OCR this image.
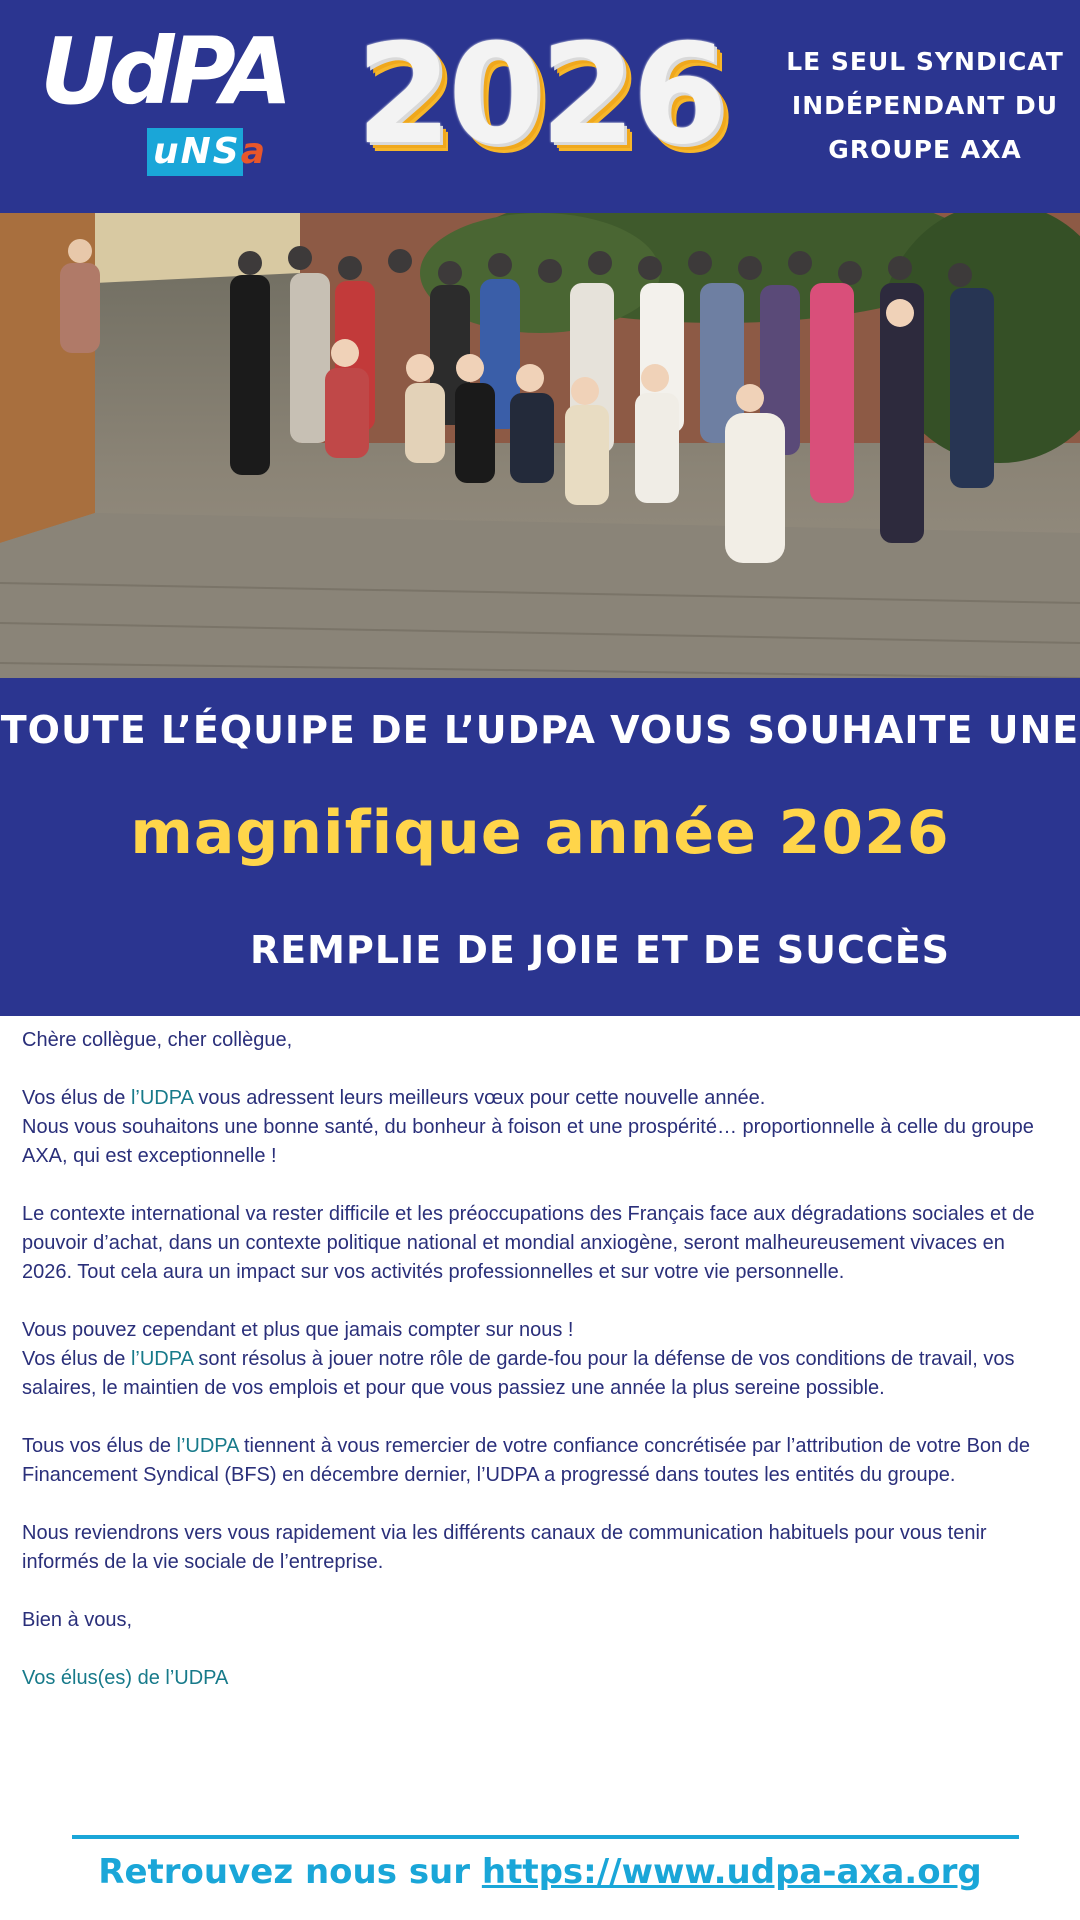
UdPA
uNSa 2026 LE SEUL SYNDICAT
INDÉPENDANT DU
GROUPE AXA
TOUTE L’ÉQUIPE DE L’UDPA VOUS SOUHAITE UNE
magnifique année 2026
REMPLIE DE JOIE ET DE SUCCÈS

Chère collègue, cher collègue,

Vos élus de l’UDPA vous adressent leurs meilleurs vœux pour cette nouvelle année.
Nous vous souhaitons une bonne santé, du bonheur à foison et une prospérité… proportionnelle à celle du groupe AXA, qui est exceptionnelle !

Le contexte international va rester difficile et les préoccupations des Français face aux dégradations sociales et de pouvoir d’achat, dans un contexte politique national et mondial anxiogène, seront malheureusement vivaces en 2026. Tout cela aura un impact sur vos activités professionnelles et sur votre vie personnelle.

Vous pouvez cependant et plus que jamais compter sur nous !
Vos élus de l’UDPA sont résolus à jouer notre rôle de garde-fou pour la défense de vos conditions de travail, vos salaires, le maintien de vos emplois et pour que vous passiez une année la plus sereine possible.

Tous vos élus de l’UDPA tiennent à vous remercier de votre confiance concrétisée par l’attribution de votre Bon de Financement Syndical (BFS) en décembre dernier, l’UDPA a progressé dans toutes les entités du groupe.

Nous reviendrons vers vous rapidement via les différents canaux de communication habituels pour vous tenir informés de la vie sociale de l’entreprise.

Bien à vous,

Vos élus(es) de l’UDPA

Retrouvez nous sur https://www.udpa-axa.org
